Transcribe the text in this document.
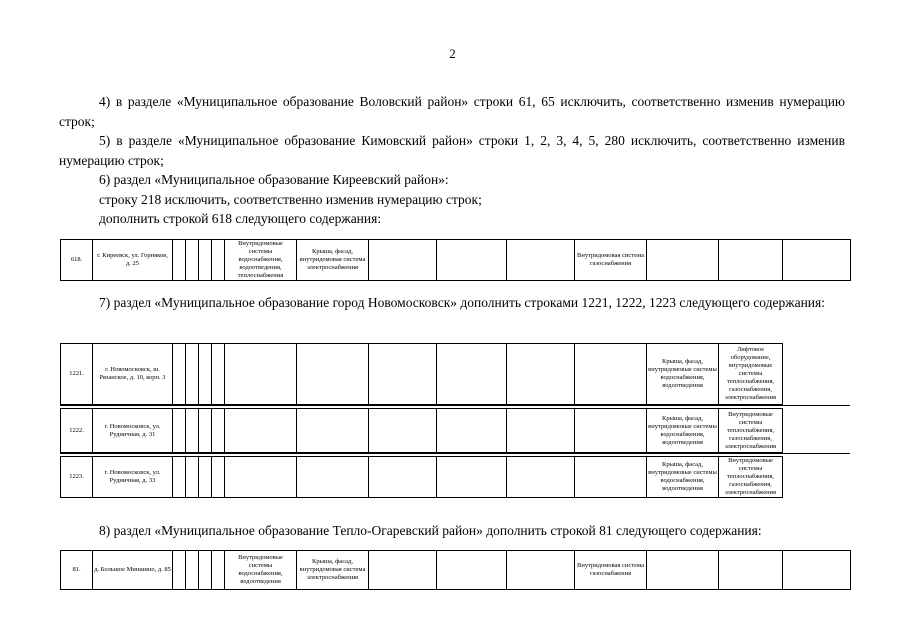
2
4) в разделе «Муниципальное образование Воловский район» строки 61, 65 исключить, соответственно изменив нумерацию строк;
5) в разделе «Муниципальное образование Кимовский район» строки 1, 2, 3, 4, 5, 280 исключить, соответственно изменив нумерацию строк;
6) раздел «Муниципальное образование Киреевский район»:
строку 218 исключить, соответственно изменив нумерацию строк;
дополнить строкой 618 следующего содержания:
618.	г. Киреевск, ул. Горняков, д. 25					Внутридомовые системы водоснабжения, водоотведения, теплоснабжения	Крыша, фасад, внутридомовая система электроснабжения				Внутридомовая система газоснабжения			
7) раздел «Муниципальное образование город Новомосковск» дополнить строками 1221, 1222, 1223 следующего содержания:
1221.	г. Новомосковск, ш. Рязанское, д. 10, корп. 3											Крыша, фасад, внутридомовые системы водоснабжения, водоотведения	Лифтовое оборудование, внутридомовые системы теплоснабжения, газоснабжения, электроснабжения
1222.	г. Новомосковск, ул. Рудничная, д. 31											Крыша, фасад, внутридомовые системы водоснабжения, водоотведения	Внутридомовые системы теплоснабжения, газоснабжения, электроснабжения
1223.	г. Новомосковск, ул. Рудничная, д. 33											Крыша, фасад, внутридомовые системы водоснабжения, водоотведения	Внутридомовые системы теплоснабжения, газоснабжения, электроснабжения
8) раздел «Муниципальное образование Тепло-Огаревский район» дополнить строкой 81 следующего содержания:
81.	д. Большое Миншино, д. 85					Внутридомовые системы водоснабжения, водоотведения	Крыша, фасад, внутридомовая система электроснабжения				Внутридомовая система газоснабжения			
